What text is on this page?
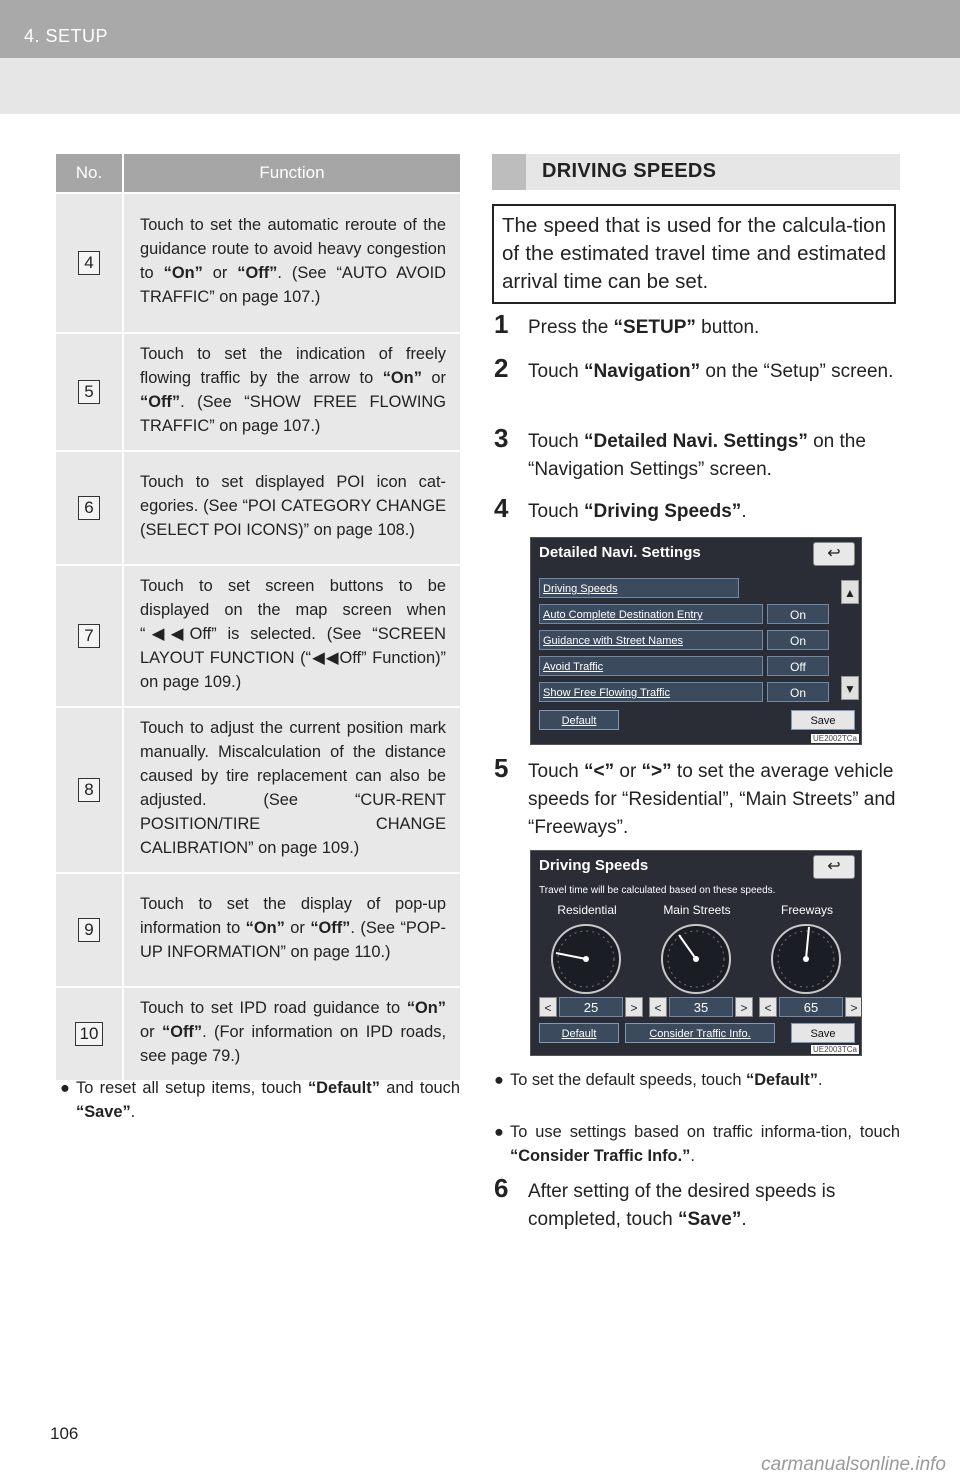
4. SETUP
No.	Function
4	Touch to set the automatic reroute of the guidance route to avoid heavy congestion to “On” or “Off”. (See “AUTO AVOID TRAFFIC” on page 107.)
5	Touch to set the indication of freely flowing traffic by the arrow to “On” or “Off”. (See “SHOW FREE FLOWING TRAFFIC” on page 107.)
6	Touch to set displayed POI icon cat-egories. (See “POI CATEGORY CHANGE (SELECT POI ICONS)” on page 108.)
7	Touch to set screen buttons to be displayed on the map screen when “◀◀Off” is selected. (See “SCREEN LAYOUT FUNCTION (“◀◀Off” Function)” on page 109.)
8	Touch to adjust the current position mark manually. Miscalculation of the distance caused by tire replacement can also be adjusted. (See “CUR-RENT POSITION/TIRE CHANGE CALIBRATION” on page 109.)
9	Touch to set the display of pop-up information to “On” or “Off”. (See “POP-UP INFORMATION” on page 110.)
10	Touch to set IPD road guidance to “On” or “Off”. (For information on IPD roads, see page 79.)
● To reset all setup items, touch “Default” and touch “Save”.
DRIVING SPEEDS
The speed that is used for the calcula-tion of the estimated travel time and estimated arrival time can be set.
1	Press the “SETUP” button.
2	Touch “Navigation” on the “Setup” screen.
3	Touch “Detailed Navi. Settings” on the “Navigation Settings” screen.
4	Touch “Driving Speeds”.
Detailed Navi. Settings	↩
Driving Speeds
Auto Complete Destination Entry	On
Guidance with Street Names	On
Avoid Traffic	Off
Show Free Flowing Traffic	On
▲
▼
Default	Save
UE2002TCa
5	Touch “<” or “>” to set the average vehicle speeds for “Residential”, “Main Streets” and “Freeways”.
Driving Speeds	↩
Travel time will be calculated based on these speeds.
Residential	Main Streets	Freeways
<	25	>	<	35	>	<	65	>
Default	Consider Traffic Info.	Save
UE2003TCa
● To set the default speeds, touch “Default”.
● To use settings based on traffic informa-tion, touch “Consider Traffic Info.”.
6	After setting of the desired speeds is completed, touch “Save”.
106
carmanualsonline.info
